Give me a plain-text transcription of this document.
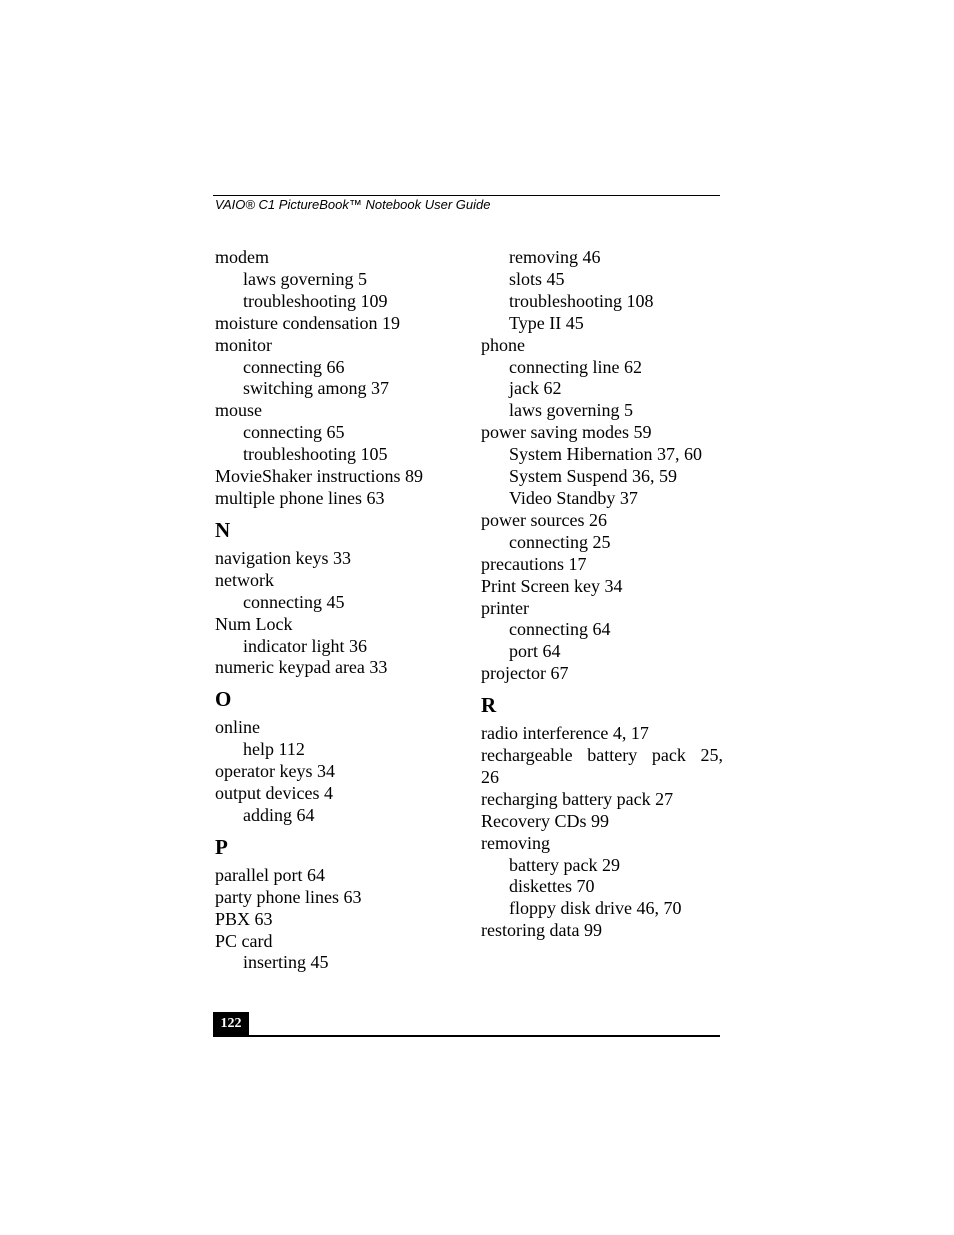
VAIO® C1 PictureBook™ Notebook User Guide
modem
laws governing 5
troubleshooting 109
moisture condensation 19
monitor
connecting 66
switching among 37
mouse
connecting 65
troubleshooting 105
MovieShaker instructions 89
multiple phone lines 63
N
navigation keys 33
network
connecting 45
Num Lock
indicator light 36
numeric keypad area 33
O
online
help 112
operator keys 34
output devices 4
adding 64
P
parallel port 64
party phone lines 63
PBX 63
PC card
inserting 45
removing 46
slots 45
troubleshooting 108
Type II 45
phone
connecting line 62
jack 62
laws governing 5
power saving modes 59
System Hibernation 37, 60
System Suspend 36, 59
Video Standby 37
power sources 26
connecting 25
precautions 17
Print Screen key 34
printer
connecting 64
port 64
projector 67
R
radio interference 4, 17
rechargeable battery pack 25,
26
recharging battery pack 27
Recovery CDs 99
removing
battery pack 29
diskettes 70
floppy disk drive 46, 70
restoring data 99
122
